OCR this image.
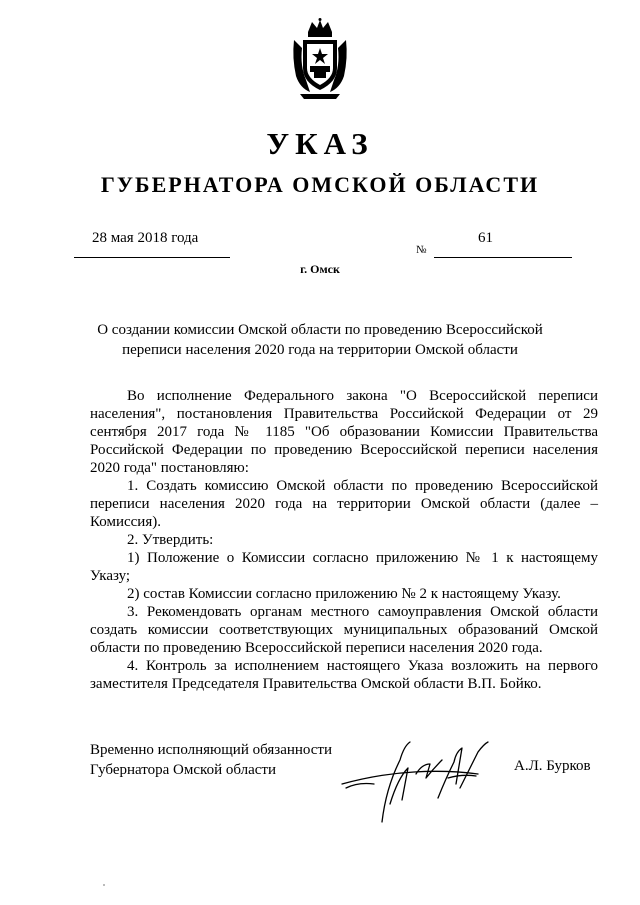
УКАЗ
ГУБЕРНАТОРА ОМСКОЙ ОБЛАСТИ
28 мая 2018 года
№
61
г. Омск
О создании комиссии Омской области по проведению Всероссийской переписи населения 2020 года на территории Омской области

Во исполнение Федерального закона "О Всероссийской переписи населения", постановления Правительства Российской Федерации от 29 сентября 2017 года № 1185 "Об образовании Комиссии Правительства Российской Федерации по проведению Всероссийской переписи населения 2020 года" постановляю:

1. Создать комиссию Омской области по проведению Всероссийской переписи населения 2020 года на территории Омской области (далее – Комиссия).

2. Утвердить:

1) Положение о Комиссии согласно приложению № 1 к настоящему Указу;

2) состав Комиссии согласно приложению № 2 к настоящему Указу.

3. Рекомендовать органам местного самоуправления Омской области создать комиссии соответствующих муниципальных образований Омской области по проведению Всероссийской переписи населения 2020 года.

4. Контроль за исполнением настоящего Указа возложить на первого заместителя Председателя Правительства Омской области В.П. Бойко.

Временно исполняющий обязанности
Губернатора Омской области	А.Л. Бурков
